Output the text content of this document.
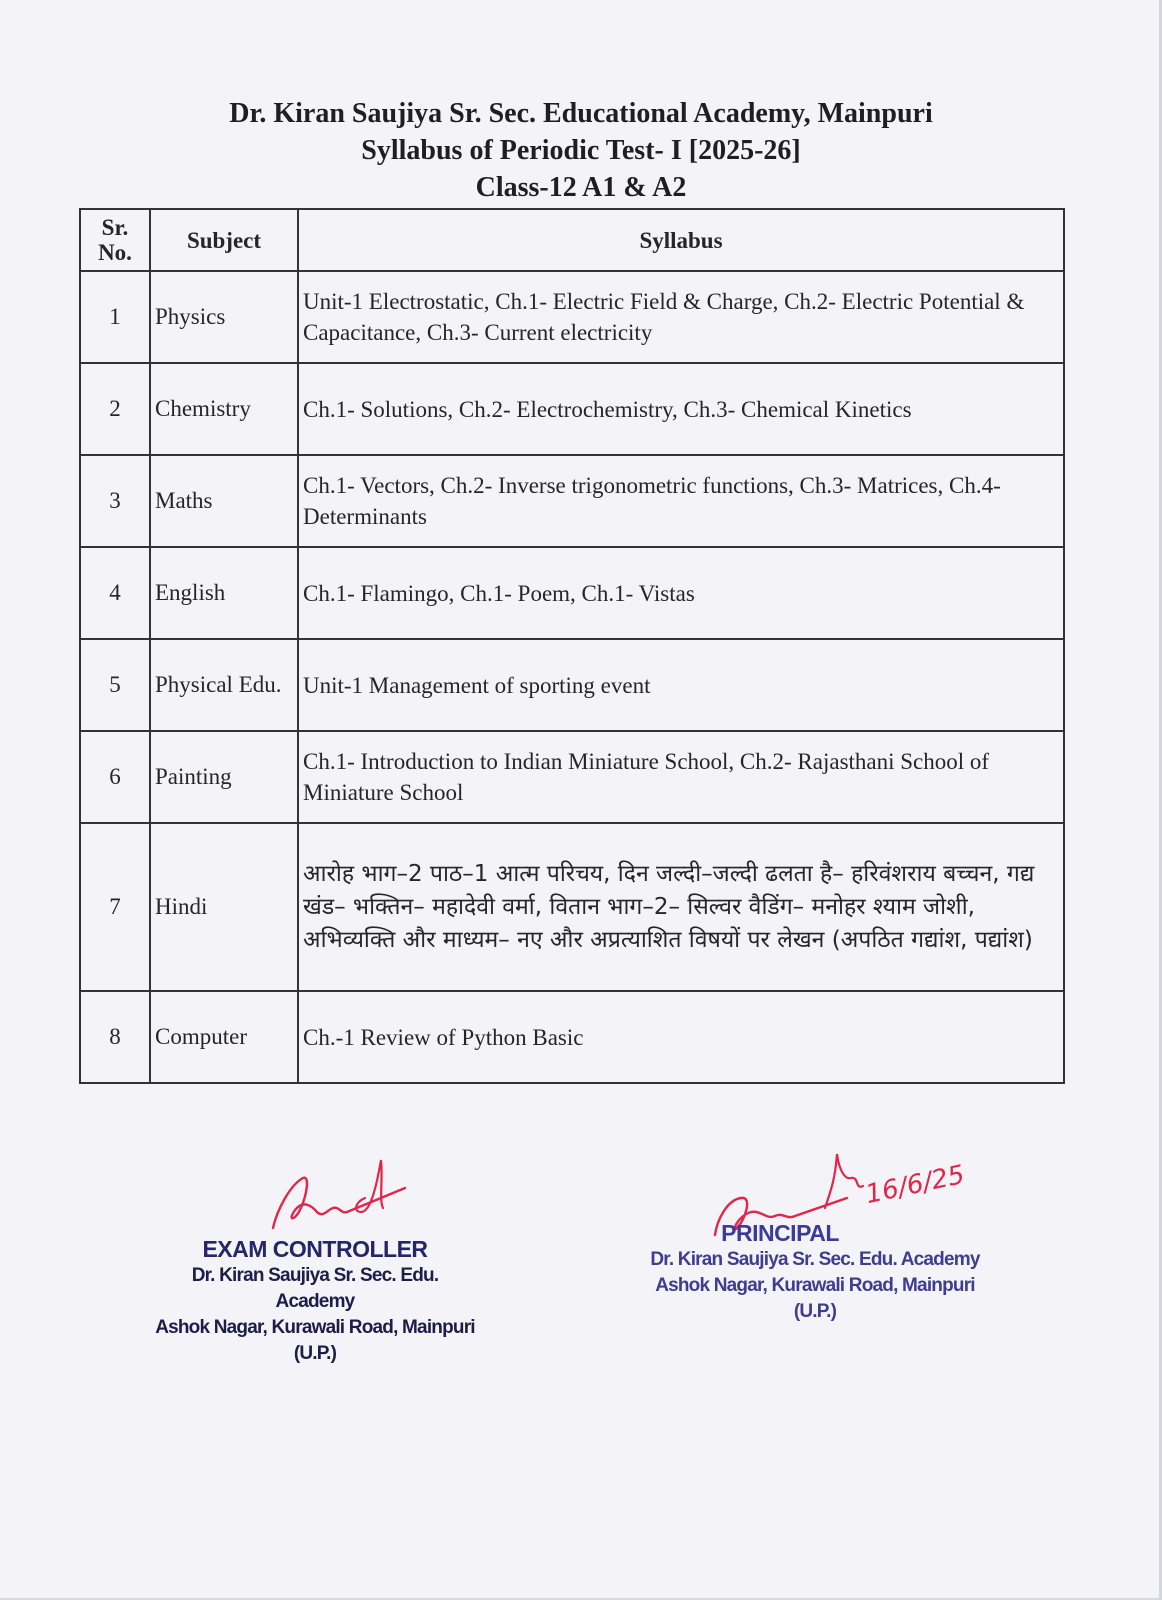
Dr. Kiran Saujiya Sr. Sec. Educational Academy, Mainpuri
Syllabus of Periodic Test- I [2025-26]
Class-12 A1 & A2
Sr. No.	Subject	Syllabus
1	Physics	Unit-1 Electrostatic, Ch.1- Electric Field & Charge, Ch.2- Electric Potential & Capacitance, Ch.3- Current electricity
2	Chemistry	Ch.1- Solutions, Ch.2- Electrochemistry, Ch.3- Chemical Kinetics
3	Maths	Ch.1- Vectors, Ch.2- Inverse trigonometric functions, Ch.3- Matrices, Ch.4- Determinants
4	English	Ch.1- Flamingo, Ch.1- Poem, Ch.1- Vistas
5	Physical Edu.	Unit-1 Management of sporting event
6	Painting	Ch.1- Introduction to Indian Miniature School, Ch.2- Rajasthani School of Miniature School
7	Hindi	आरोह भाग–2 पाठ–1 आत्म परिचय, दिन जल्दी–जल्दी ढलता है– हरिवंशराय बच्चन, गद्य खंड– भक्तिन– महादेवी वर्मा, वितान भाग–2– सिल्वर वैडिंग– मनोहर श्याम जोशी, अभिव्यक्ति और माध्यम– नए और अप्रत्याशित विषयों पर लेखन (अपठित गद्यांश, पद्यांश)
8	Computer	Ch.-1 Review of Python Basic
EXAM CONTROLLER
Dr. Kiran Saujiya Sr. Sec. Edu. Academy
Ashok Nagar, Kurawali Road, Mainpuri (U.P.)
16/6/25
PRINCIPAL
Dr. Kiran Saujiya Sr. Sec. Edu. Academy
Ashok Nagar, Kurawali Road, Mainpuri (U.P.)
